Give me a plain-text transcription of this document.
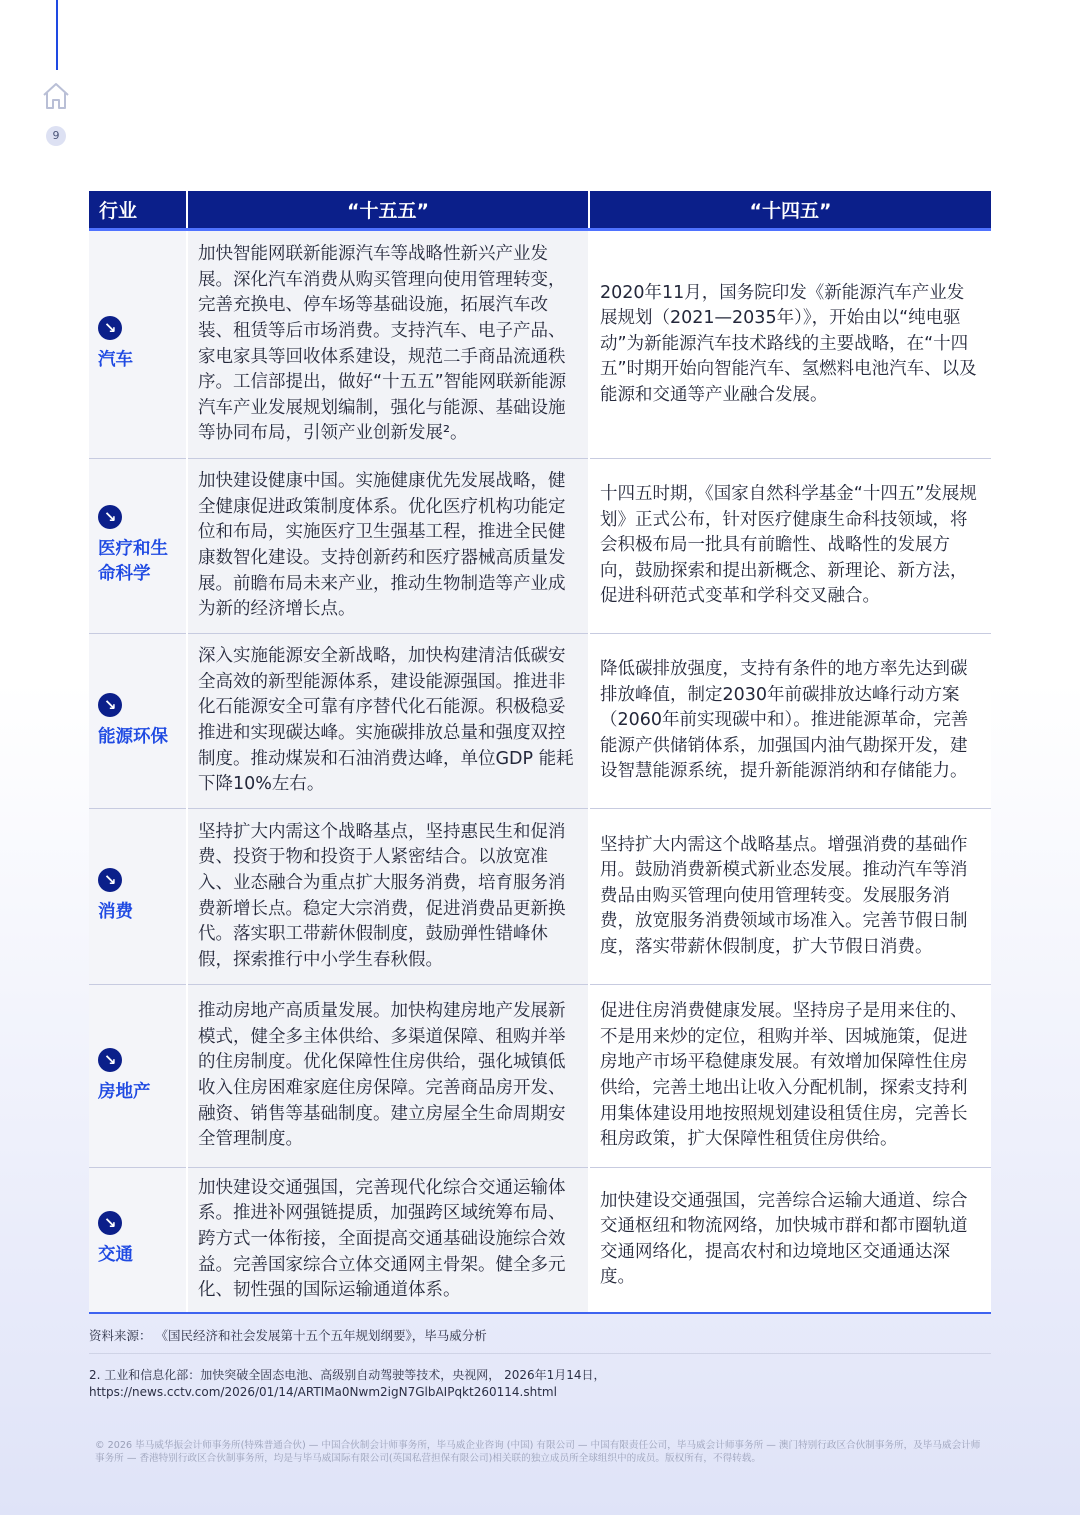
9
行业	“十五五”	“十四五”

↘
汽车	加快智能网联新能源汽车等战略性新兴产业发展。深化汽车消费从购买管理向使用管理转变，完善充换电、停车场等基础设施，拓展汽车改装、租赁等后市场消费。支持汽车、电子产品、家电家具等回收体系建设，规范二手商品流通秩序。工信部提出，做好“十五五”智能网联新能源汽车产业发展规划编制，强化与能源、基础设施等协同布局，引领产业创新发展²。	2020年11月，国务院印发《新能源汽车产业发展规划（2021—2035年）》，开始由以“纯电驱动”为新能源汽车技术路线的主要战略，在“十四五”时期开始向智能汽车、氢燃料电池汽车、以及能源和交通等产业融合发展。

↘
医疗和生命科学	加快建设健康中国。实施健康优先发展战略，健全健康促进政策制度体系。优化医疗机构功能定位和布局，实施医疗卫生强基工程，推进全民健康数智化建设。支持创新药和医疗器械高质量发展。前瞻布局未来产业，推动生物制造等产业成为新的经济增长点。	十四五时期，《国家自然科学基金“十四五”发展规划》正式公布，针对医疗健康生命科技领域，将会积极布局一批具有前瞻性、战略性的发展方向，鼓励探索和提出新概念、新理论、新方法，促进科研范式变革和学科交叉融合。

↘
能源环保	深入实施能源安全新战略，加快构建清洁低碳安全高效的新型能源体系，建设能源强国。推进非化石能源安全可靠有序替代化石能源。积极稳妥推进和实现碳达峰。实施碳排放总量和强度双控制度。推动煤炭和石油消费达峰，单位GDP 能耗下降10%左右。	降低碳排放强度，支持有条件的地方率先达到碳排放峰值，制定2030年前碳排放达峰行动方案（2060年前实现碳中和）。推进能源革命，完善能源产供储销体系，加强国内油气勘探开发，建设智慧能源系统，提升新能源消纳和存储能力。

↘
消费	坚持扩大内需这个战略基点，坚持惠民生和促消费、投资于物和投资于人紧密结合。以放宽准入、业态融合为重点扩大服务消费，培育服务消费新增长点。稳定大宗消费，促进消费品更新换代。落实职工带薪休假制度，鼓励弹性错峰休假，探索推行中小学生春秋假。	坚持扩大内需这个战略基点。增强消费的基础作用。鼓励消费新模式新业态发展。推动汽车等消费品由购买管理向使用管理转变。发展服务消费，放宽服务消费领域市场准入。完善节假日制度，落实带薪休假制度，扩大节假日消费。

↘
房地产	推动房地产高质量发展。加快构建房地产发展新模式，健全多主体供给、多渠道保障、租购并举的住房制度。优化保障性住房供给，强化城镇低收入住房困难家庭住房保障。完善商品房开发、融资、销售等基础制度。建立房屋全生命周期安全管理制度。	促进住房消费健康发展。坚持房子是用来住的、不是用来炒的定位，租购并举、因城施策，促进房地产市场平稳健康发展。有效增加保障性住房供给，完善土地出让收入分配机制，探索支持利用集体建设用地按照规划建设租赁住房，完善长租房政策，扩大保障性租赁住房供给。

↘
交通	加快建设交通强国，完善现代化综合交通运输体系。推进补网强链提质，加强跨区域统筹布局、跨方式一体衔接，全面提高交通基础设施综合效益。完善国家综合立体交通网主骨架。健全多元化、韧性强的国际运输通道体系。	加快建设交通强国，完善综合运输大通道、综合交通枢纽和物流网络，加快城市群和都市圈轨道交通网络化，提高农村和边境地区交通通达深度。
资料来源： 《国民经济和社会发展第十五个五年规划纲要》，毕马威分析
2. 工业和信息化部：加快突破全固态电池、高级别自动驾驶等技术，央视网， 2026年1月14日，
https://news.cctv.com/2026/01/14/ARTIMa0Nwm2igN7GlbAIPqkt260114.shtml
© 2026 毕马威华振会计师事务所(特殊普通合伙) — 中国合伙制会计师事务所，毕马威企业咨询 (中国) 有限公司 — 中国有限责任公司，毕马威会计师事务所 — 澳门特别行政区合伙制事务所，及毕马威会计师事务所 — 香港特别行政区合伙制事务所，均是与毕马威国际有限公司(英国私营担保有限公司)相关联的独立成员所全球组织中的成员。版权所有，不得转载。
